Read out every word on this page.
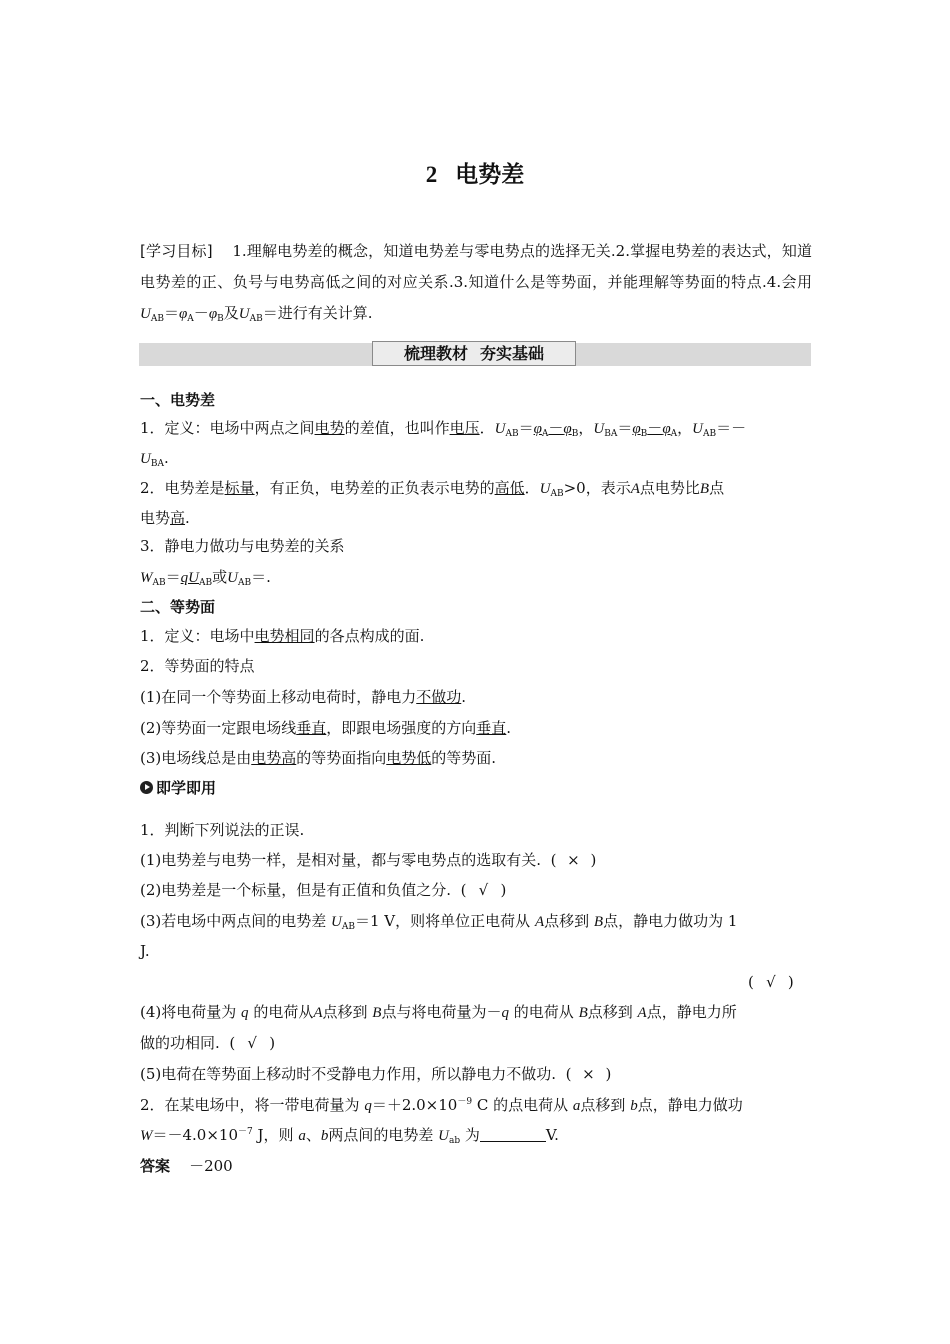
2 电势差
[学习目标] 1.理解电势差的概念，知道电势差与零电势点的选择无关.2.掌握电势差的表达式，知道电势差的正、负号与电势高低之间的对应关系.3.知道什么是等势面，并能理解等势面的特点.4.会用$U_{AB}=\varphi_A-\varphi_B$及$U_{AB}=$进行有关计算.
梳理教材 夯实基础
一、电势差
1．定义：电场中两点之间电势的差值，也叫作电压．$U_{AB}=\varphi_A-\varphi_B$，$U_{BA}=\varphi_B-\varphi_A$，$U_{AB}=-$
$U_{BA}$.
2．电势差是标量，有正负，电势差的正负表示电势的高低．$U_{AB}>0$，表示A点电势比B点
电势高.
3．静电力做功与电势差的关系
$W_{AB}=qU_{AB}$或$U_{AB}=$.
二、等势面
1．定义：电场中电势相同的各点构成的面.
2．等势面的特点
(1)在同一个等势面上移动电荷时，静电力不做功.
(2)等势面一定跟电场线垂直，即跟电场强度的方向垂直.
(3)电场线总是由电势高的等势面指向电势低的等势面.
即学即用
1．判断下列说法的正误.
(1)电势差与电势一样，是相对量，都与零电势点的选取有关. ( × )
(2)电势差是一个标量，但是有正值和负值之分. ( √ )
(3)若电场中两点间的电势差 $U_{AB}=1$ V，则将单位正电荷从 A点移到 B点，静电力做功为 1
J.
( √ )
(4)将电荷量为 q 的电荷从A点移到 B点与将电荷量为－q 的电荷从 B点移到 A点，静电力所
做的功相同. ( √ )
(5)电荷在等势面上移动时不受静电力作用，所以静电力不做功. ( × )
2．在某电场中，将一带电荷量为 $q=+2.0\times 10^{-9}$ C 的点电荷从 a点移到 b点，静电力做功
$W=-4.0\times 10^{-7}$ J，则 a、b两点间的电势差 $U_{ab}$ 为	V.
答案 －200
